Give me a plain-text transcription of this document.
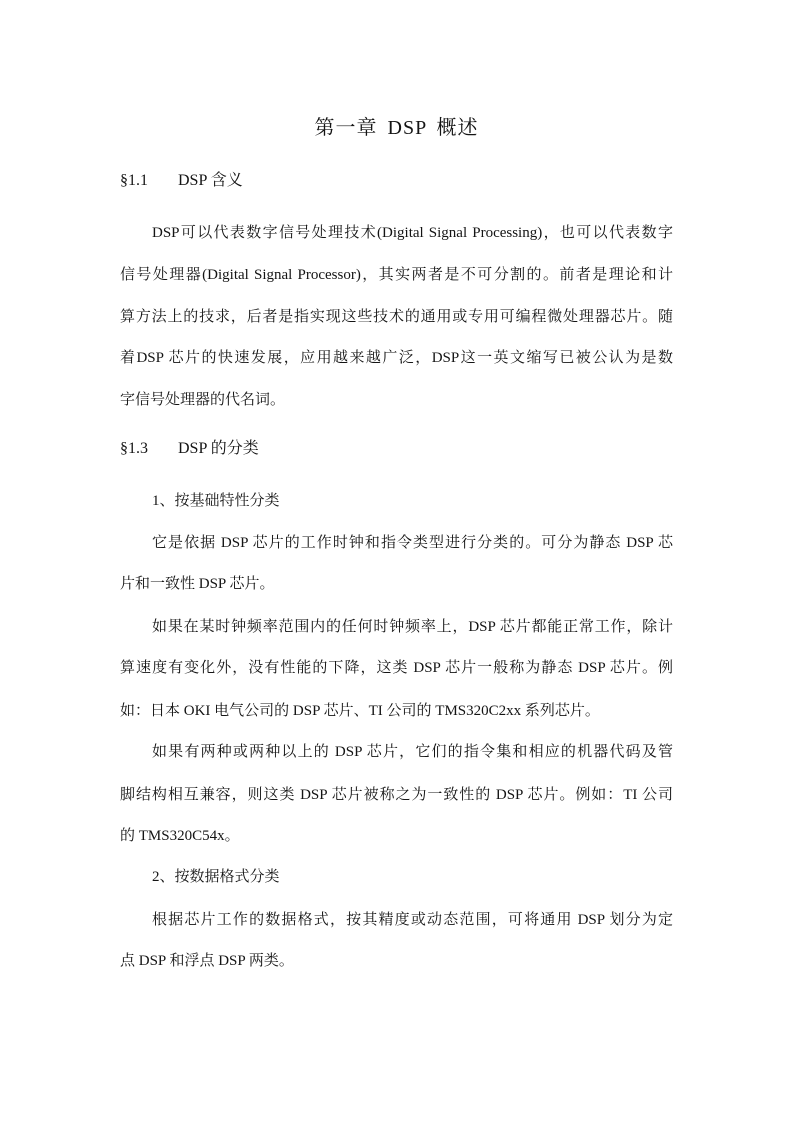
第一章 DSP 概述
§1.1 DSP 含义
DSP可以代表数字信号处理技术(Digital Signal Processing)，也可以代表数字
信号处理器(Digital Signal Processor)，其实两者是不可分割的。前者是理论和计
算方法上的技求，后者是指实现这些技术的通用或专用可编程微处理器芯片。随
着DSP 芯片的快速发展，应用越来越广泛，DSP这一英文缩写已被公认为是数
字信号处理器的代名词。
§1.3 DSP 的分类
1、按基础特性分类
它是依据 DSP 芯片的工作时钟和指令类型进行分类的。可分为静态 DSP 芯
片和一致性 DSP 芯片。
如果在某时钟频率范围内的任何时钟频率上，DSP 芯片都能正常工作，除计
算速度有变化外，没有性能的下降，这类 DSP 芯片一般称为静态 DSP 芯片。例
如：日本 OKI 电气公司的 DSP 芯片、TI 公司的 TMS320C2xx 系列芯片。
如果有两种或两种以上的 DSP 芯片，它们的指令集和相应的机器代码及管
脚结构相互兼容，则这类 DSP 芯片被称之为一致性的 DSP 芯片。例如：TI 公司
的 TMS320C54x。
2、按数据格式分类
根据芯片工作的数据格式，按其精度或动态范围，可将通用 DSP 划分为定
点 DSP 和浮点 DSP 两类。
